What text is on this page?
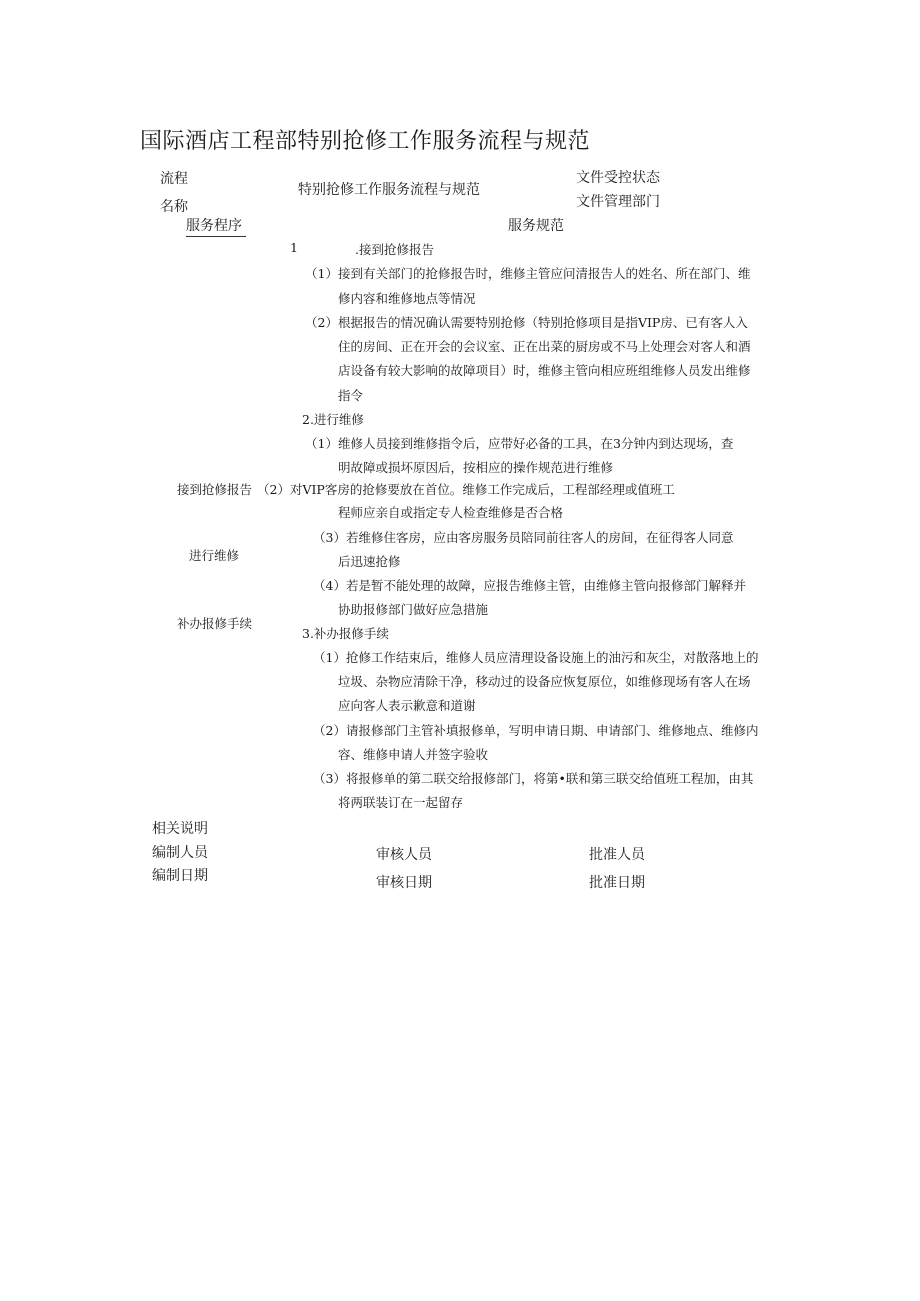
国际酒店工程部特别抢修工作服务流程与规范
流程
名称
特别抢修工作服务流程与规范
文件受控状态
文件管理部门
服务程序	服务规范
接到抢修报告
进行维修
补办报修手续
1	.接到抢修报告
（1）接到有关部门的抢修报告时，维修主管应问清报告人的姓名、所在部门、维
修内容和维修地点等情况
（2）根据报告的情况确认需要特别抢修（特别抢修项目是指VIP房、已有客人入
住的房间、正在开会的会议室、正在出菜的厨房或不马上处理会对客人和酒
店设备有较大影响的故障项目）时，维修主管向相应班组维修人员发出维修
指令
2.进行维修
（1）维修人员接到维修指令后，应带好必备的工具，在3分钟内到达现场，查
明故障或损坏原因后，按相应的操作规范进行维修
（2）对VIP客房的抢修要放在首位。维修工作完成后，工程部经理或值班工
程师应亲自或指定专人检查维修是否合格
（3）若维修住客房，应由客房服务员陪同前往客人的房间，在征得客人同意
后迅速抢修
（4）若是暂不能处理的故障，应报告维修主管，由维修主管向报修部门解释并
协助报修部门做好应急措施
3.补办报修手续
（1）抢修工作结束后，维修人员应清理设备设施上的油污和灰尘，对散落地上的
垃圾、杂物应清除干净，移动过的设备应恢复原位，如维修现场有客人在场
应向客人表示歉意和道谢
（2）请报修部门主管补填报修单，写明申请日期、申请部门、维修地点、维修内
容、维修申请人并签字验收
（3）将报修单的第二联交给报修部门，将第•联和第三联交给值班工程加，由其
将两联装订在一起留存
相关说明
编制人员
编制日期
审核人员
审核日期
批准人员
批准日期
